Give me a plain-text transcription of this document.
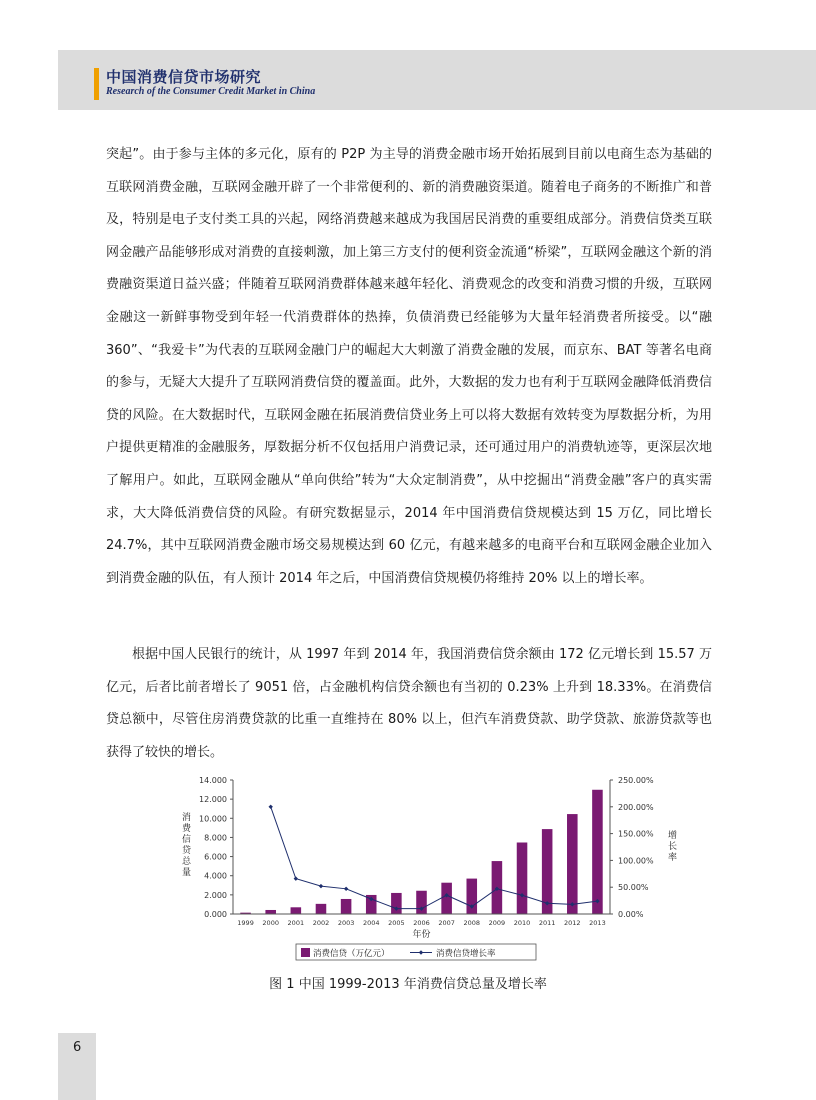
中国消费信贷市场研究
Research of the Consumer Credit Market in China

突起”。由于参与主体的多元化，原有的 P2P 为主导的消费金融市场开始拓展到目前以电商生态为基础的互联网消费金融，互联网金融开辟了一个非常便利的、新的消费融资渠道。随着电子商务的不断推广和普及，特别是电子支付类工具的兴起，网络消费越来越成为我国居民消费的重要组成部分。消费信贷类互联网金融产品能够形成对消费的直接刺激，加上第三方支付的便利资金流通“桥梁”，互联网金融这个新的消费融资渠道日益兴盛；伴随着互联网消费群体越来越年轻化、消费观念的改变和消费习惯的升级，互联网金融这一新鲜事物受到年轻一代消费群体的热捧，负债消费已经能够为大量年轻消费者所接受。以“融 360”、“我爱卡”为代表的互联网金融门户的崛起大大刺激了消费金融的发展，而京东、BAT 等著名电商的参与，无疑大大提升了互联网消费信贷的覆盖面。此外，大数据的发力也有利于互联网金融降低消费信贷的风险。在大数据时代，互联网金融在拓展消费信贷业务上可以将大数据有效转变为厚数据分析，为用户提供更精准的金融服务，厚数据分析不仅包括用户消费记录，还可通过用户的消费轨迹等，更深层次地了解用户。如此，互联网金融从“单向供给”转为“大众定制消费”，从中挖掘出“消费金融”客户的真实需求，大大降低消费信贷的风险。有研究数据显示，2014 年中国消费信贷规模达到 15 万亿，同比增长 24.7%，其中互联网消费金融市场交易规模达到 60 亿元，有越来越多的电商平台和互联网金融企业加入到消费金融的队伍，有人预计 2014 年之后，中国消费信贷规模仍将维持 20% 以上的增长率。

根据中国人民银行的统计，从 1997 年到 2014 年，我国消费信贷余额由 172 亿元增长到 15.57 万亿元，后者比前者增长了 9051 倍，占金融机构信贷余额也有当初的 0.23% 上升到 18.33%。在消费信贷总额中，尽管住房消费贷款的比重一直维持在 80% 以上，但汽车消费贷款、助学贷款、旅游贷款等也获得了较快的增长。

14.000
12.000
10.000
8.000
6.000
4.000
2.000
0.000
250.00%
200.00%
150.00%
100.00%
50.00%
0.00%
1999 2000 2001 2002 2003 2004 2005 2006 2007 2008 2009 2010 2011 2012 2013
消费信贷总量
增长率
年份
消费信贷（万亿元）	消费信贷增长率
图 1 中国 1999-2013 年消费信贷总量及增长率
6
